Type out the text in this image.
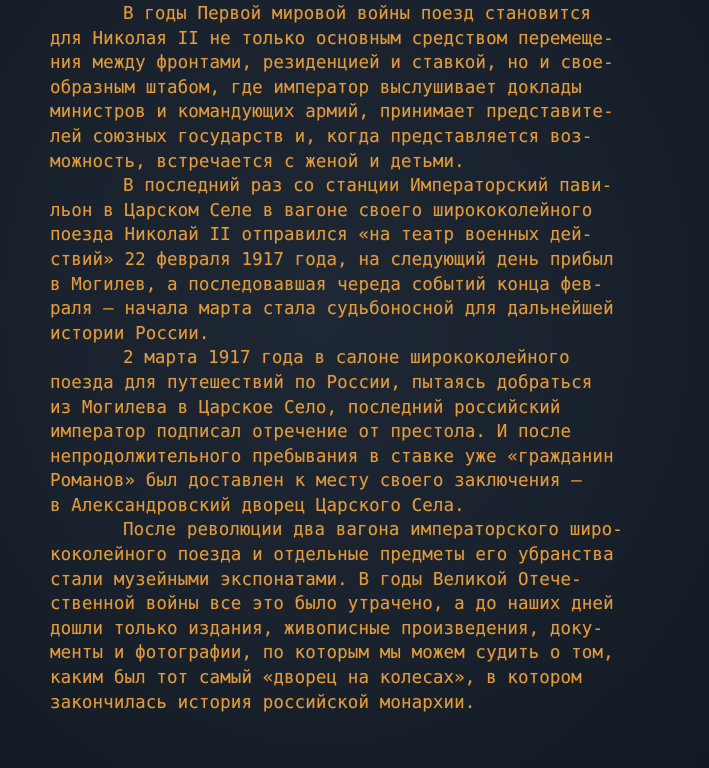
В годы Первой мировой войны поезд становится
для Николая II не только основным средством перемеще-
ния между фронтами, резиденцией и ставкой, но и свое-
образным штабом, где император выслушивает доклады
министров и командующих армий, принимает представите-
лей союзных государств и, когда представляется воз-
можность, встречается с женой и детьми.
В последний раз со станции Императорский пави-
льон в Царском Селе в вагоне своего ширококолейного
поезда Николай II отправился «на театр военных дей-
ствий» 22 февраля 1917 года, на следующий день прибыл
в Могилев, а последовавшая череда событий конца фев-
раля — начала марта стала судьбоносной для дальнейшей
истории России.
2 марта 1917 года в салоне ширококолейного
поезда для путешествий по России, пытаясь добраться
из Могилева в Царское Село, последний российский
император подписал отречение от престола. И после
непродолжительного пребывания в ставке уже «гражданин
Романов» был доставлен к месту своего заключения —
в Александровский дворец Царского Села.
После революции два вагона императорского широ-
коколейного поезда и отдельные предметы его убранства
стали музейными экспонатами. В годы Великой Отече-
ственной войны все это было утрачено, а до наших дней
дошли только издания, живописные произведения, доку-
менты и фотографии, по которым мы можем судить о том,
каким был тот самый «дворец на колесах», в котором
закончилась история российской монархии.
